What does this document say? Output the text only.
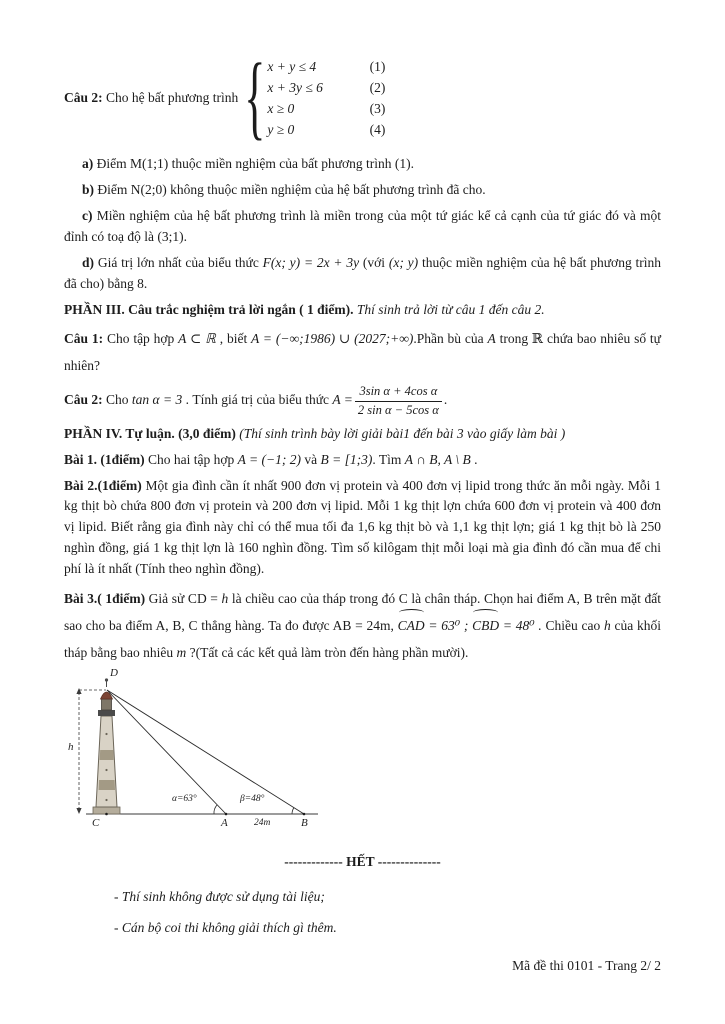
Câu 2: Cho hệ bất phương trình
{
x + y ≤ 4	(1)
x + 3y ≤ 6	(2)
x ≥ 0	(3)
y ≥ 0	(4)

a) Điểm M(1;1) thuộc miền nghiệm của bất phương trình (1).

b) Điểm N(2;0) không thuộc miền nghiệm của hệ bất phương trình đã cho.

c) Miền nghiệm của hệ bất phương trình là miền trong của một tứ giác kể cả cạnh của tứ giác đó và một đỉnh có toạ độ là (3;1).

d) Giá trị lớn nhất của biểu thức F(x; y) = 2x + 3y (với (x; y) thuộc miền nghiệm của hệ bất phương trình đã cho) bằng 8.

PHẦN III. Câu trắc nghiệm trả lời ngắn ( 1 điểm). Thí sinh trả lời từ câu 1 đến câu 2.

Câu 1: Cho tập hợp A ⊂ ℝ , biết A = (−∞;1986) ∪ (2027;+∞).Phần bù của A trong ℝ chứa bao nhiêu số tự nhiên?

Câu 2: Cho tan α = 3 . Tính giá trị của biểu thức $A = \frac{\text{3sin α + 4cos α}}{\text{2 sin α − 5cos α}}$ .

PHẦN IV. Tự luận. (3,0 điểm) (Thí sinh trình bày lời giải bài1 đến bài 3 vào giấy làm bài )

Bài 1. (1điểm) Cho hai tập hợp A = (−1; 2) và B = [1;3). Tìm A ∩ B, A \ B .

Bài 2.(1điểm) Một gia đình cần ít nhất 900 đơn vị protein và 400 đơn vị lipid trong thức ăn mỗi ngày. Mỗi 1 kg thịt bò chứa 800 đơn vị protein và 200 đơn vị lipid. Mỗi 1 kg thịt lợn chứa 600 đơn vị protein và 400 đơn vị lipid. Biết rằng gia đình này chỉ có thể mua tối đa 1,6 kg thịt bò và 1,1 kg thịt lợn; giá 1 kg thịt bò là 250 nghìn đồng, giá 1 kg thịt lợn là 160 nghìn đồng. Tìm số kilôgam thịt mỗi loại mà gia đình đó cần mua để chi phí là ít nhất (Tính theo nghìn đồng).

Bài 3.( 1điểm) Giả sử CD = h là chiều cao của tháp trong đó C là chân tháp. Chọn hai điểm A, B trên mặt đất sao cho ba điểm A, B, C thẳng hàng. Ta đo được AB = 24m, CAD = 63⁰ ; CBD = 48⁰ . Chiều cao h của khối tháp bằng bao nhiêu m ?(Tất cả các kết quả làm tròn đến hàng phần mười).

D
h
C	A	B
α=63°	β=48°
24m

------------- HẾT --------------

- Thí sinh không được sử dụng tài liệu;

- Cán bộ coi thi không giải thích gì thêm.

Mã đề thi 0101 - Trang 2/ 2
